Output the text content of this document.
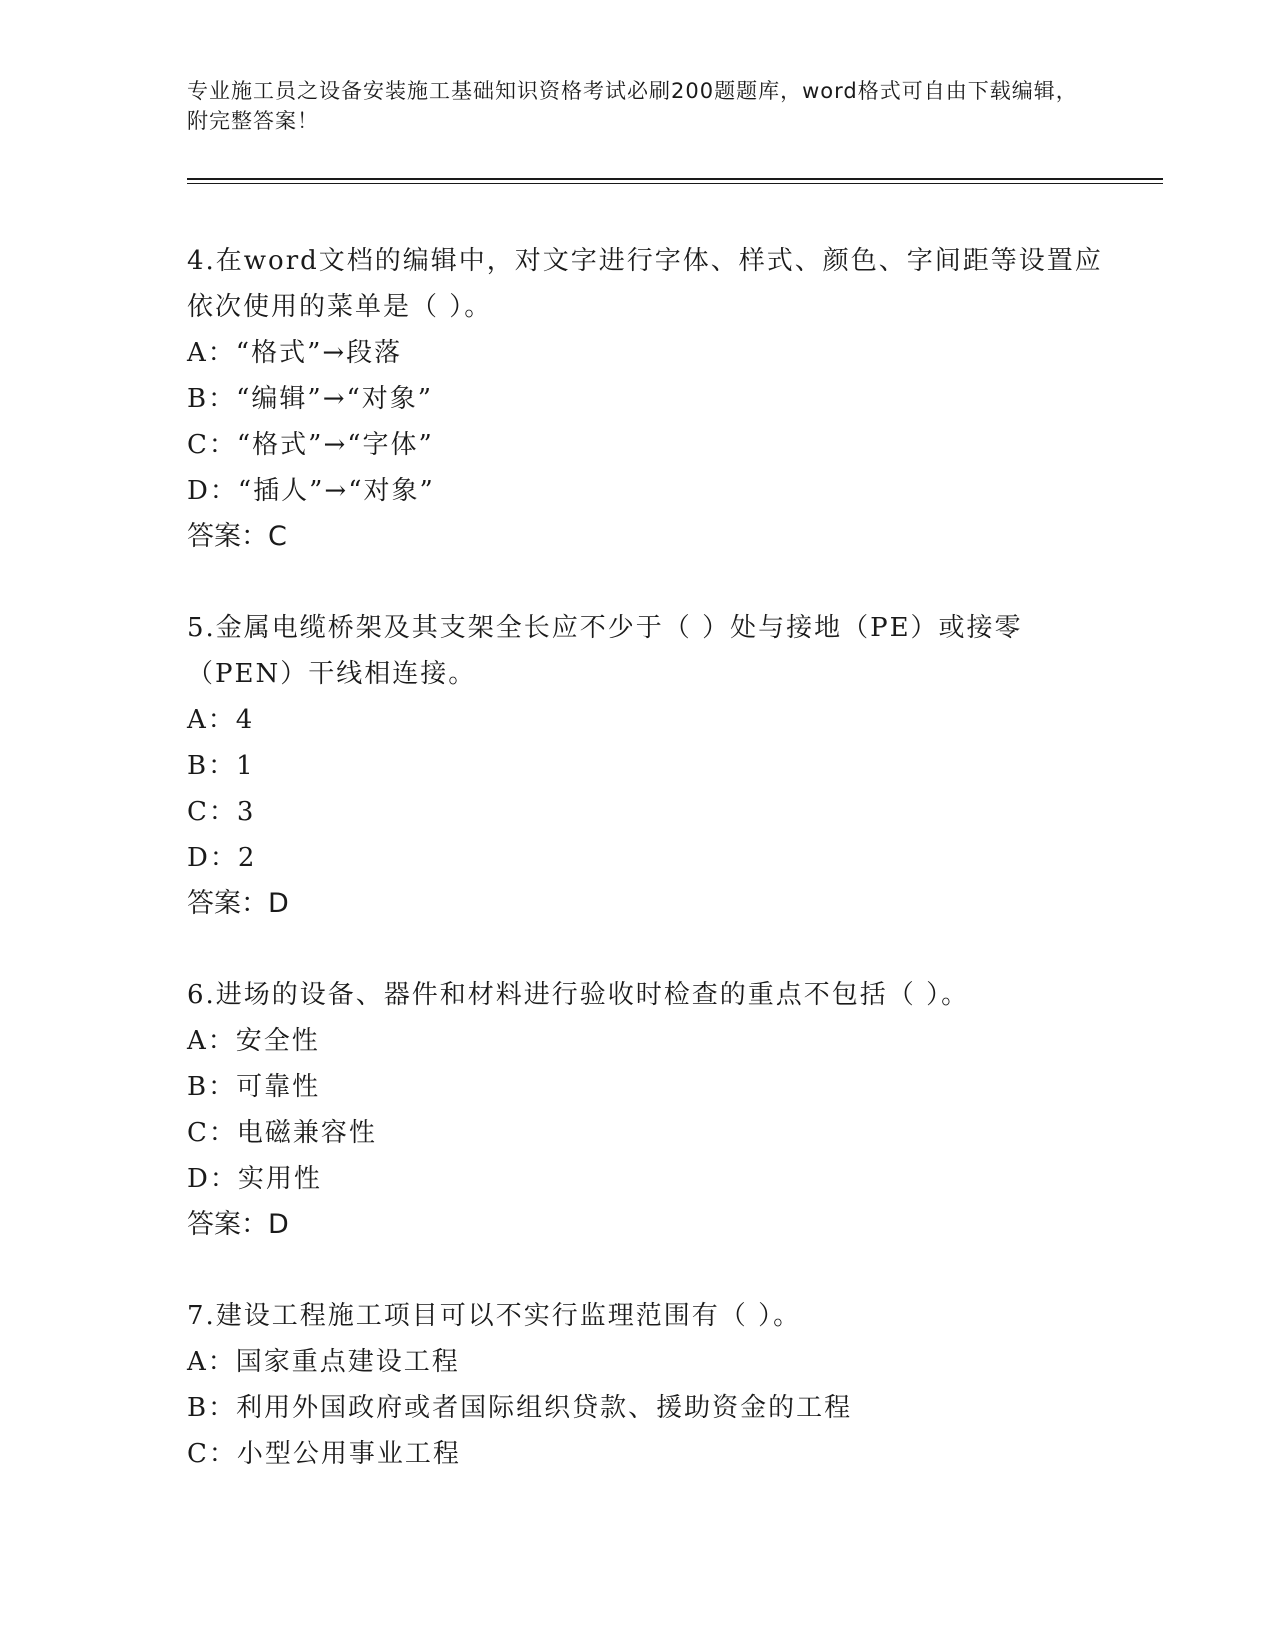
专业施工员之设备安装施工基础知识资格考试必刷200题题库，word格式可自由下载编辑，附完整答案！
4.在word文档的编辑中，对文字进行字体、样式、颜色、字间距等设置应依次使用的菜单是（ ）。
A：“格式”→段落
B：“编辑”→“对象”
C：“格式”→“字体”
D：“插人”→“对象”
答案：C
5.金属电缆桥架及其支架全长应不少于（ ）处与接地（PE）或接零（PEN）干线相连接。
A：4
B：1
C：3
D：2
答案：D
6.进场的设备、器件和材料进行验收时检查的重点不包括（ ）。
A：安全性
B：可靠性
C：电磁兼容性
D：实用性
答案：D
7.建设工程施工项目可以不实行监理范围有（ ）。
A：国家重点建设工程
B：利用外国政府或者国际组织贷款、援助资金的工程
C：小型公用事业工程
